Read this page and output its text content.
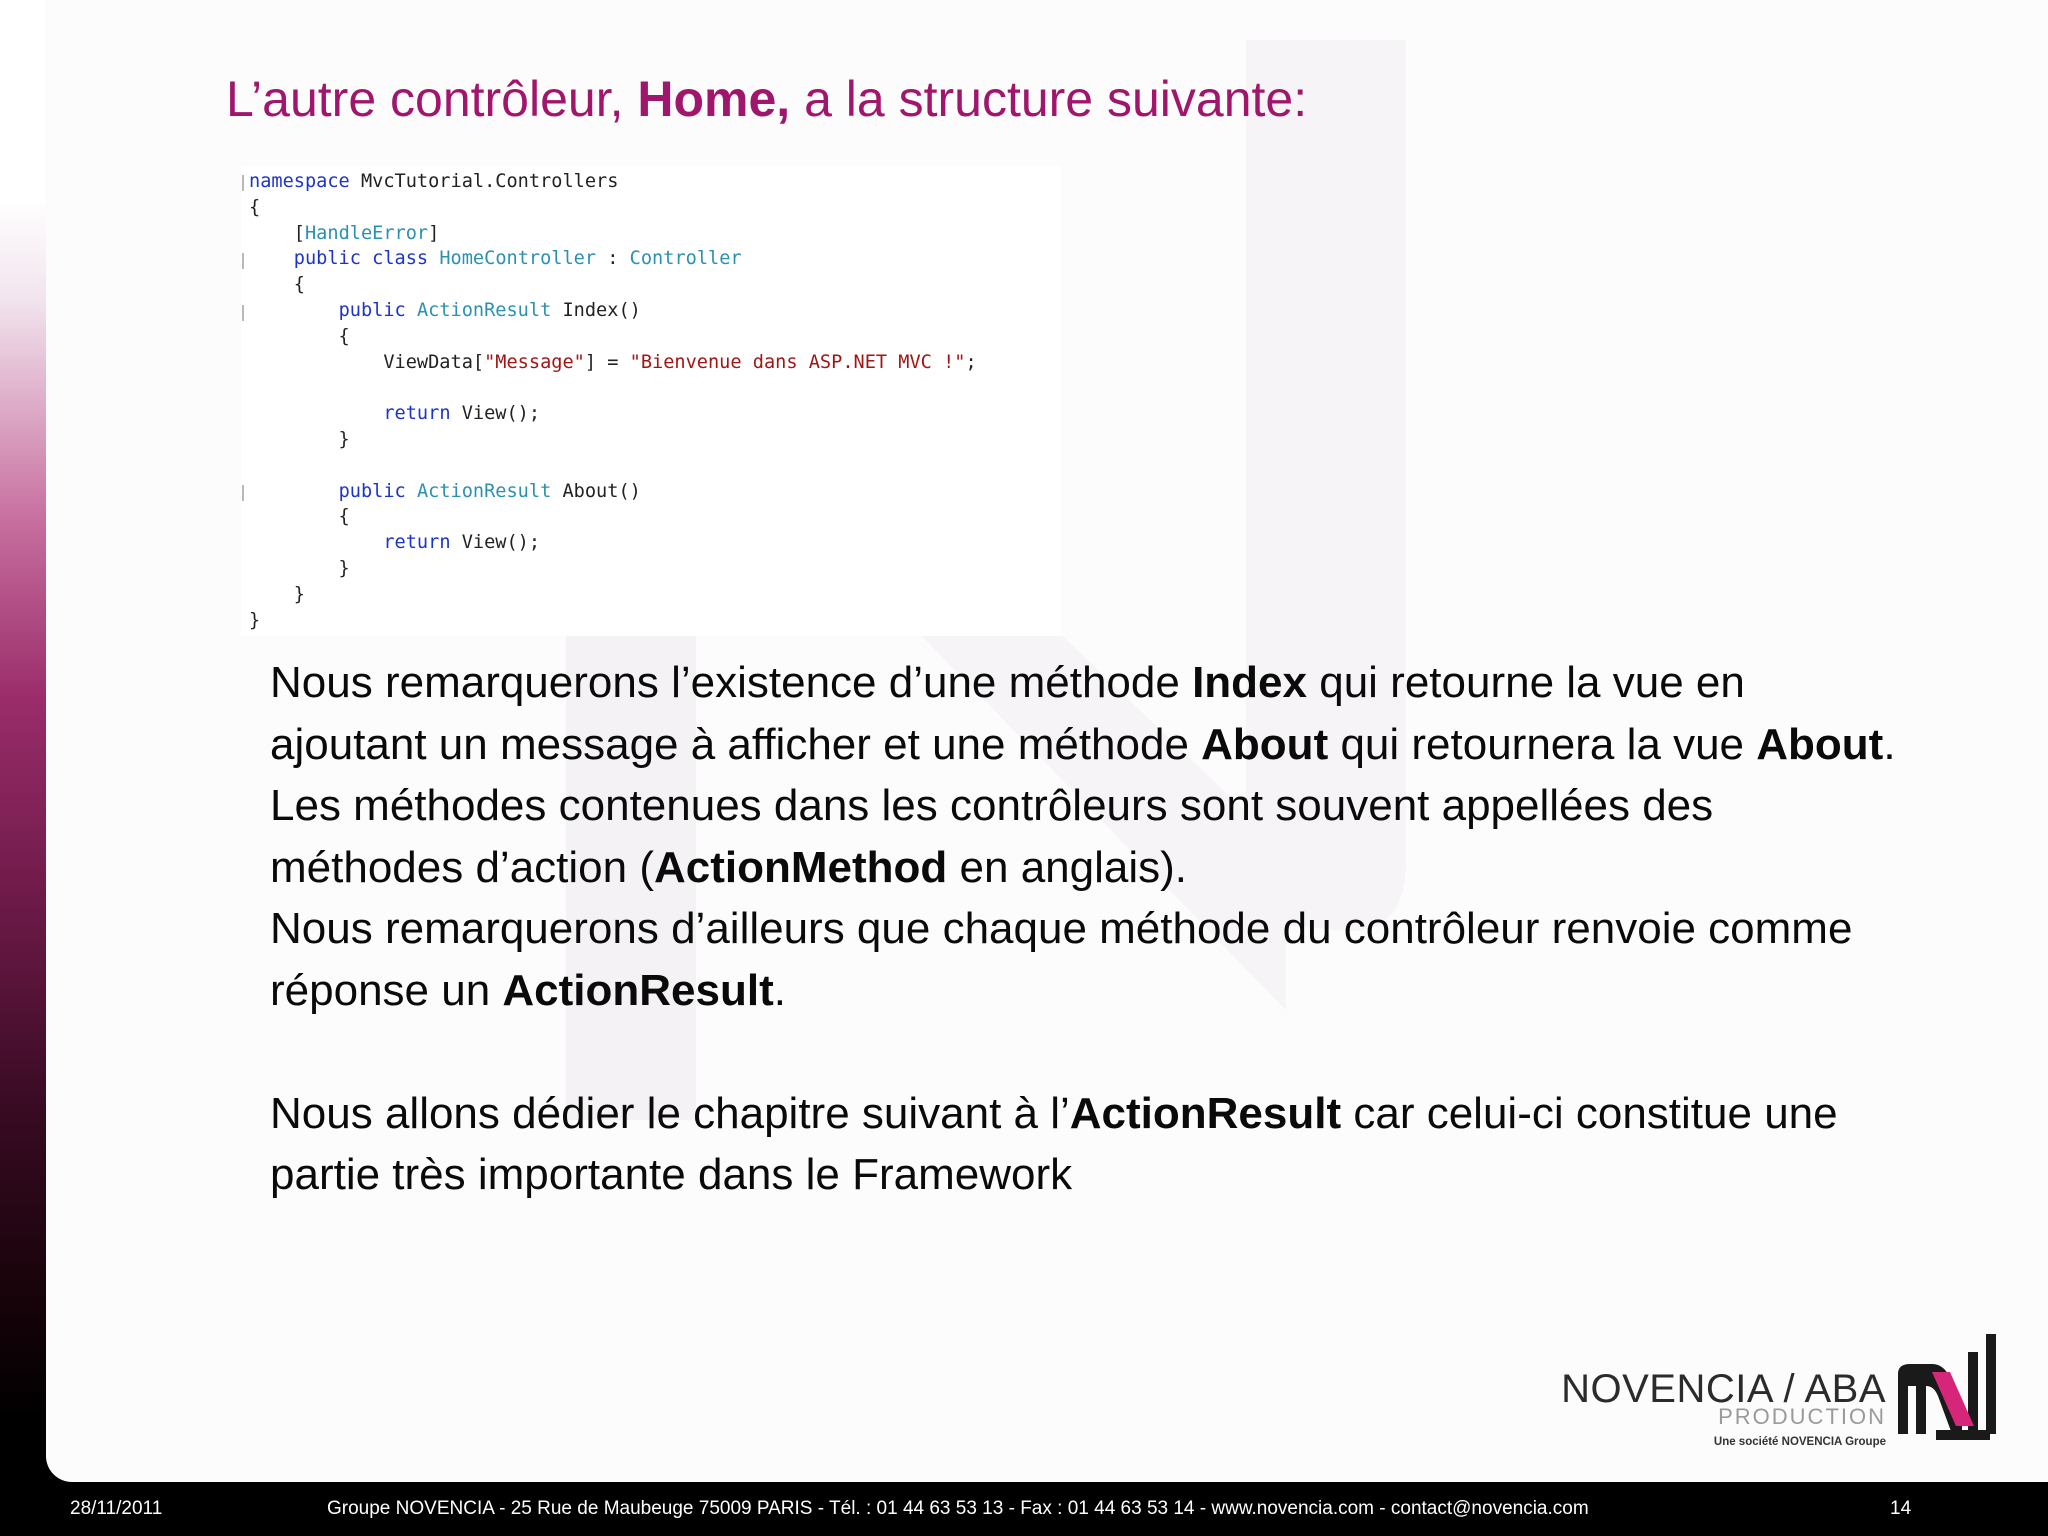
L’autre contrôleur, Home, a la structure suivante:
namespace MvcTutorial.Controllers
{
[HandleError]
public class HomeController : Controller
{
public ActionResult Index()
{
ViewData["Message"] = "Bienvenue dans ASP.NET MVC !";

return View();
}

public ActionResult About()
{
return View();
}
}
}

Nous remarquerons l’existence d’une méthode Index qui retourne la vue en ajoutant un message à afficher et une méthode About qui retournera la vue About.

Les méthodes contenues dans les contrôleurs sont souvent appellées des méthodes d’action (ActionMethod en anglais).

Nous remarquerons d’ailleurs que chaque méthode du contrôleur renvoie comme réponse un ActionResult.

Nous allons dédier le chapitre suivant à l’ActionResult car celui-ci constitue une partie très importante dans le Framework

NOVENCIA / ABA
PRODUCTION
Une société NOVENCIA Groupe
28/11/2011	Groupe NOVENCIA - 25 Rue de Maubeuge 75009 PARIS - Tél. : 01 44 63 53 13 - Fax : 01 44 63 53 14 - www.novencia.com - contact@novencia.com	14
